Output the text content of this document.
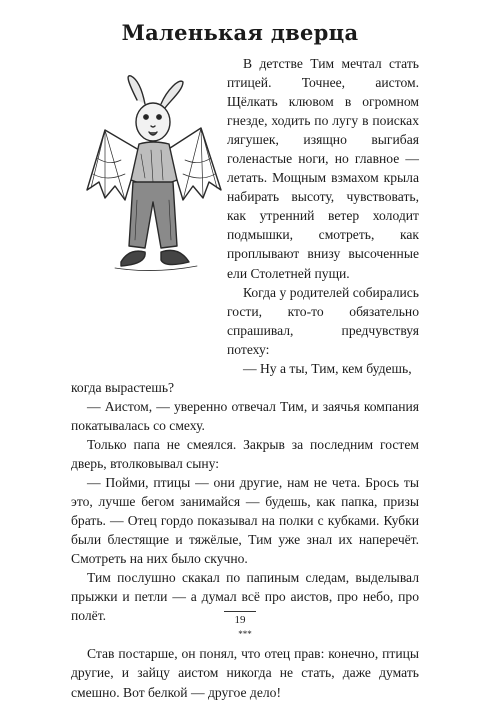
Маленькая дверца

В детстве Тим мечтал стать птицей. Точнее, аистом. Щёлкать клювом в огромном гнезде, ходить по лугу в поисках лягушек, изящно выгибая голенастые ноги, но главное — летать. Мощным взмахом крыла набирать высоту, чувствовать, как утренний ветер холодит подмышки, смотреть, как проплывают внизу высоченные ели Столетней пущи.

Когда у родителей собирались гости, кто-то обязательно спрашивал, предчувствуя потеху:

— Ну а ты, Тим, кем будешь,

когда вырастешь?

— Аистом, — уверенно отвечал Тим, и заячья компания покатывалась со смеху.

Только папа не смеялся. Закрыв за последним гостем дверь, втолковывал сыну:

— Пойми, птицы — они другие, нам не чета. Брось ты это, лучше бегом занимайся — будешь, как папка, призы брать. — Отец гордо показывал на полки с кубками. Кубки были блестящие и тяжёлые, Тим уже знал их наперечёт. Смотреть на них было скучно.

Тим послушно скакал по папиным следам, выделывал прыжки и петли — а думал всё про аистов, про небо, про полёт.

***

Став постарше, он понял, что отец прав: конечно, птицы другие, и зайцу аистом никогда не стать, даже думать смешно. Вот белкой — другое дело!

19
